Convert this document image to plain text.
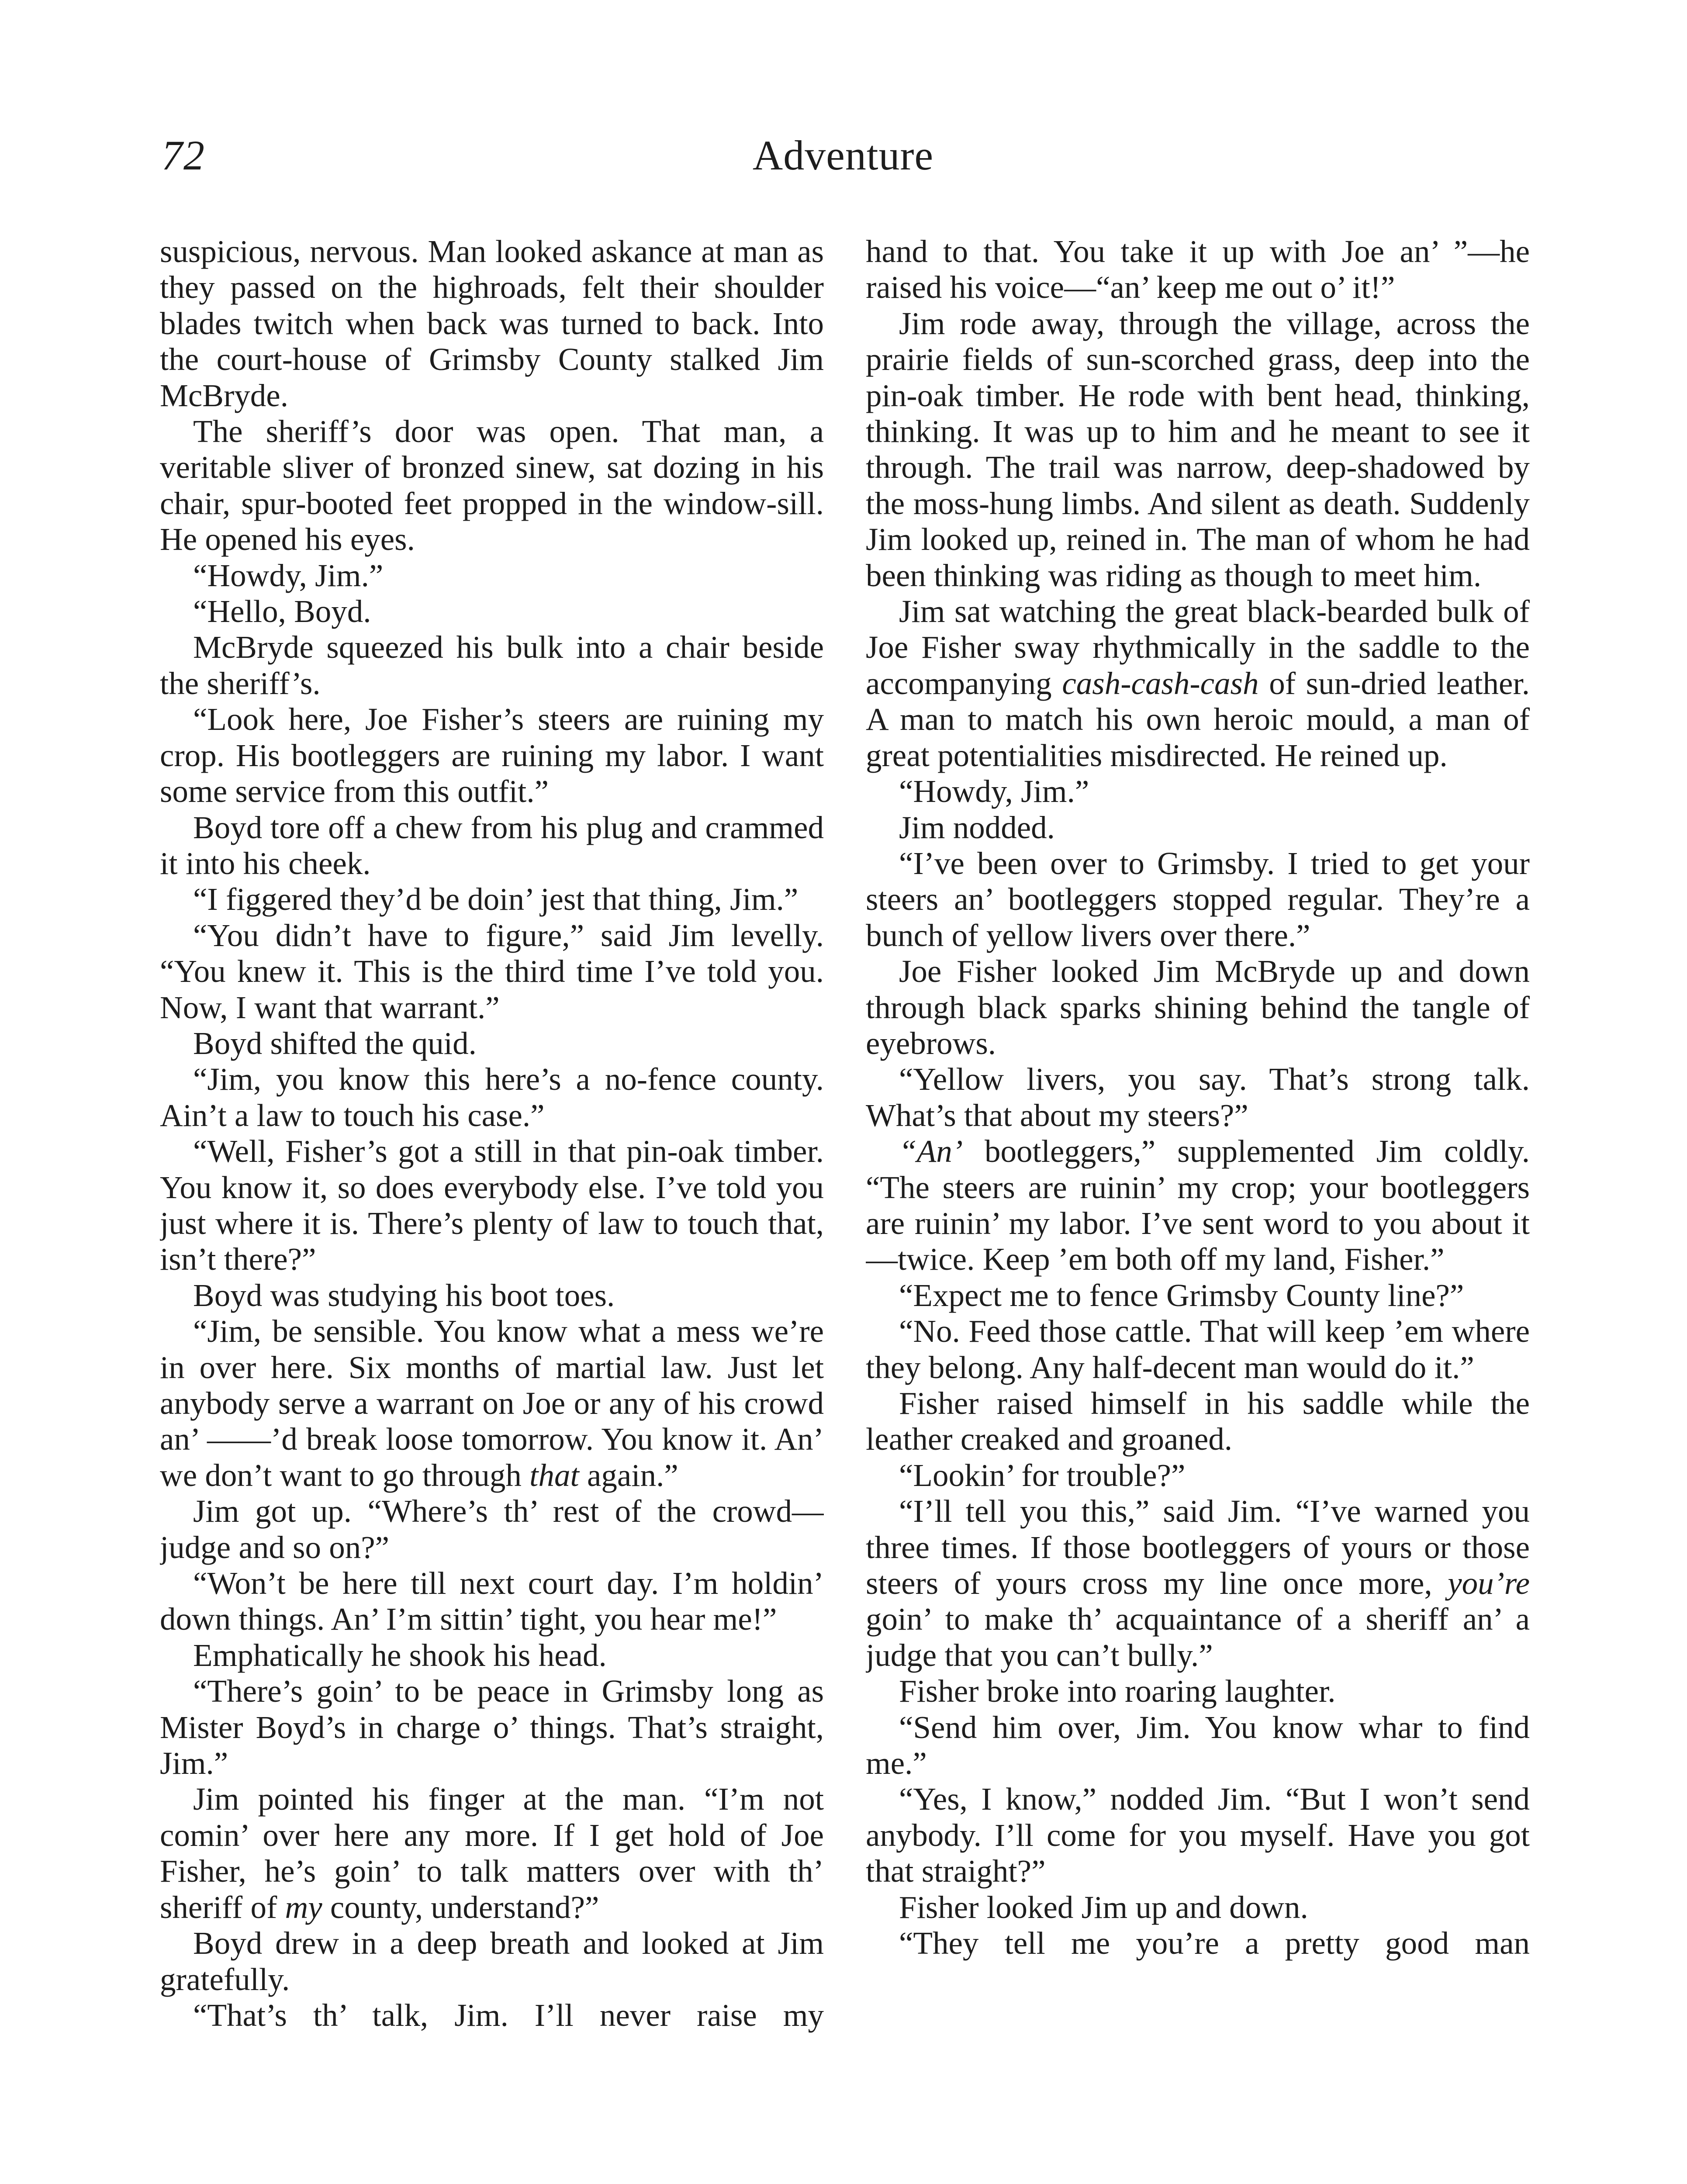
72	Adventure

suspicious, nervous. Man looked askance at man as they passed on the highroads, felt their shoulder blades twitch when back was turned to back. Into the court-house of Grimsby County stalked Jim McBryde.

The sheriff’s door was open. That man, a veritable sliver of bronzed sinew, sat dozing in his chair, spur-booted feet propped in the window-sill. He opened his eyes.

“Howdy, Jim.”

“Hello, Boyd.

McBryde squeezed his bulk into a chair beside the sheriff’s.

“Look here, Joe Fisher’s steers are ruining my crop. His bootleggers are ruining my labor. I want some service from this outfit.”

Boyd tore off a chew from his plug and crammed it into his cheek.

“I figgered they’d be doin’ jest that thing, Jim.”

“You didn’t have to figure,” said Jim levelly. “You knew it. This is the third time I’ve told you. Now, I want that warrant.”

Boyd shifted the quid.

“Jim, you know this here’s a no-fence county. Ain’t a law to touch his case.”

“Well, Fisher’s got a still in that pin-oak timber. You know it, so does everybody else. I’ve told you just where it is. There’s plenty of law to touch that, isn’t there?”

Boyd was studying his boot toes.

“Jim, be sensible. You know what a mess we’re in over here. Six months of martial law. Just let anybody serve a warrant on Joe or any of his crowd an’ ——’d break loose tomorrow. You know it. An’ we don’t want to go through that again.”

Jim got up. “Where’s th’ rest of the crowd—judge and so on?”

“Won’t be here till next court day. I’m holdin’ down things. An’ I’m sittin’ tight, you hear me!”

Emphatically he shook his head.

“There’s goin’ to be peace in Grimsby long as Mister Boyd’s in charge o’ things. That’s straight, Jim.”

Jim pointed his finger at the man. “I’m not comin’ over here any more. If I get hold of Joe Fisher, he’s goin’ to talk matters over with th’ sheriff of my county, understand?”

Boyd drew in a deep breath and looked at Jim gratefully.

“That’s th’ talk, Jim. I’ll never raise my

hand to that. You take it up with Joe an’ ”—he raised his voice—“an’ keep me out o’ it!”

Jim rode away, through the village, across the prairie fields of sun-scorched grass, deep into the pin-oak timber. He rode with bent head, thinking, thinking. It was up to him and he meant to see it through. The trail was narrow, deep-shadowed by the moss-hung limbs. And silent as death. Suddenly Jim looked up, reined in. The man of whom he had been thinking was riding as though to meet him.

Jim sat watching the great black-bearded bulk of Joe Fisher sway rhythmically in the saddle to the accompanying cash-cash-cash of sun-dried leather. A man to match his own heroic mould, a man of great potentialities misdirected. He reined up.

“Howdy, Jim.”

Jim nodded.

“I’ve been over to Grimsby. I tried to get your steers an’ bootleggers stopped regular. They’re a bunch of yellow livers over there.”

Joe Fisher looked Jim McBryde up and down through black sparks shining behind the tangle of eyebrows.

“Yellow livers, you say. That’s strong talk. What’s that about my steers?”

“An’ bootleggers,” supplemented Jim coldly. “The steers are ruinin’ my crop; your bootleggers are ruinin’ my labor. I’ve sent word to you about it—twice. Keep ’em both off my land, Fisher.”

“Expect me to fence Grimsby County line?”

“No. Feed those cattle. That will keep ’em where they belong. Any half-decent man would do it.”

Fisher raised himself in his saddle while the leather creaked and groaned.

“Lookin’ for trouble?”

“I’ll tell you this,” said Jim. “I’ve warned you three times. If those bootleggers of yours or those steers of yours cross my line once more, you’re goin’ to make th’ acquaintance of a sheriff an’ a judge that you can’t bully.”

Fisher broke into roaring laughter.

“Send him over, Jim. You know whar to find me.”

“Yes, I know,” nodded Jim. “But I won’t send anybody. I’ll come for you myself. Have you got that straight?”

Fisher looked Jim up and down.

“They tell me you’re a pretty good man
